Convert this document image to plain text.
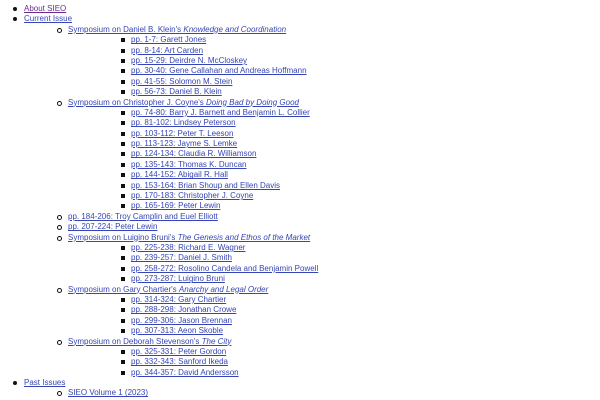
About SIEO
Current Issue
Symposium on Daniel B. Klein's Knowledge and Coordination
pp. 1-7: Garett Jones
pp. 8-14: Art Carden
pp. 15-29: Deirdre N. McCloskey
pp. 30-40: Gene Callahan and Andreas Hoffmann
pp. 41-55: Solomon M. Stein
pp. 56-73: Daniel B. Klein
Symposium on Christopher J. Coyne's Doing Bad by Doing Good
pp. 74-80: Barry J. Barnett and Benjamin L. Collier
pp. 81-102: Lindsey Peterson
pp. 103-112: Peter T. Leeson
pp. 113-123: Jayme S. Lemke
pp. 124-134: Claudia R. Williamson
pp. 135-143: Thomas K. Duncan
pp. 144-152: Abigail R. Hall
pp. 153-164: Brian Shoup and Ellen Davis
pp. 170-183: Christopher J. Coyne
pp. 165-169: Peter Lewin
pp. 184-206: Troy Camplin and Euel Elliott
pp. 207-224: Peter Lewin
Symposium on Luigino Bruni's The Genesis and Ethos of the Market
pp. 225-238: Richard E. Wagner
pp. 239-257: Daniel J. Smith
pp. 258-272: Rosolino Candela and Benjamin Powell
pp. 273-287: Luigino Bruni
Symposium on Gary Chartier's Anarchy and Legal Order
pp. 314-324: Gary Chartier
pp. 288-298: Jonathan Crowe
pp. 299-306: Jason Brennan
pp. 307-313: Aeon Skoble
Symposium on Deborah Stevenson's The City
pp. 325-331: Peter Gordon
pp. 332-343: Sanford Ikeda
pp. 344-357: David Andersson
Past Issues
SIEO Volume 1 (2023)
